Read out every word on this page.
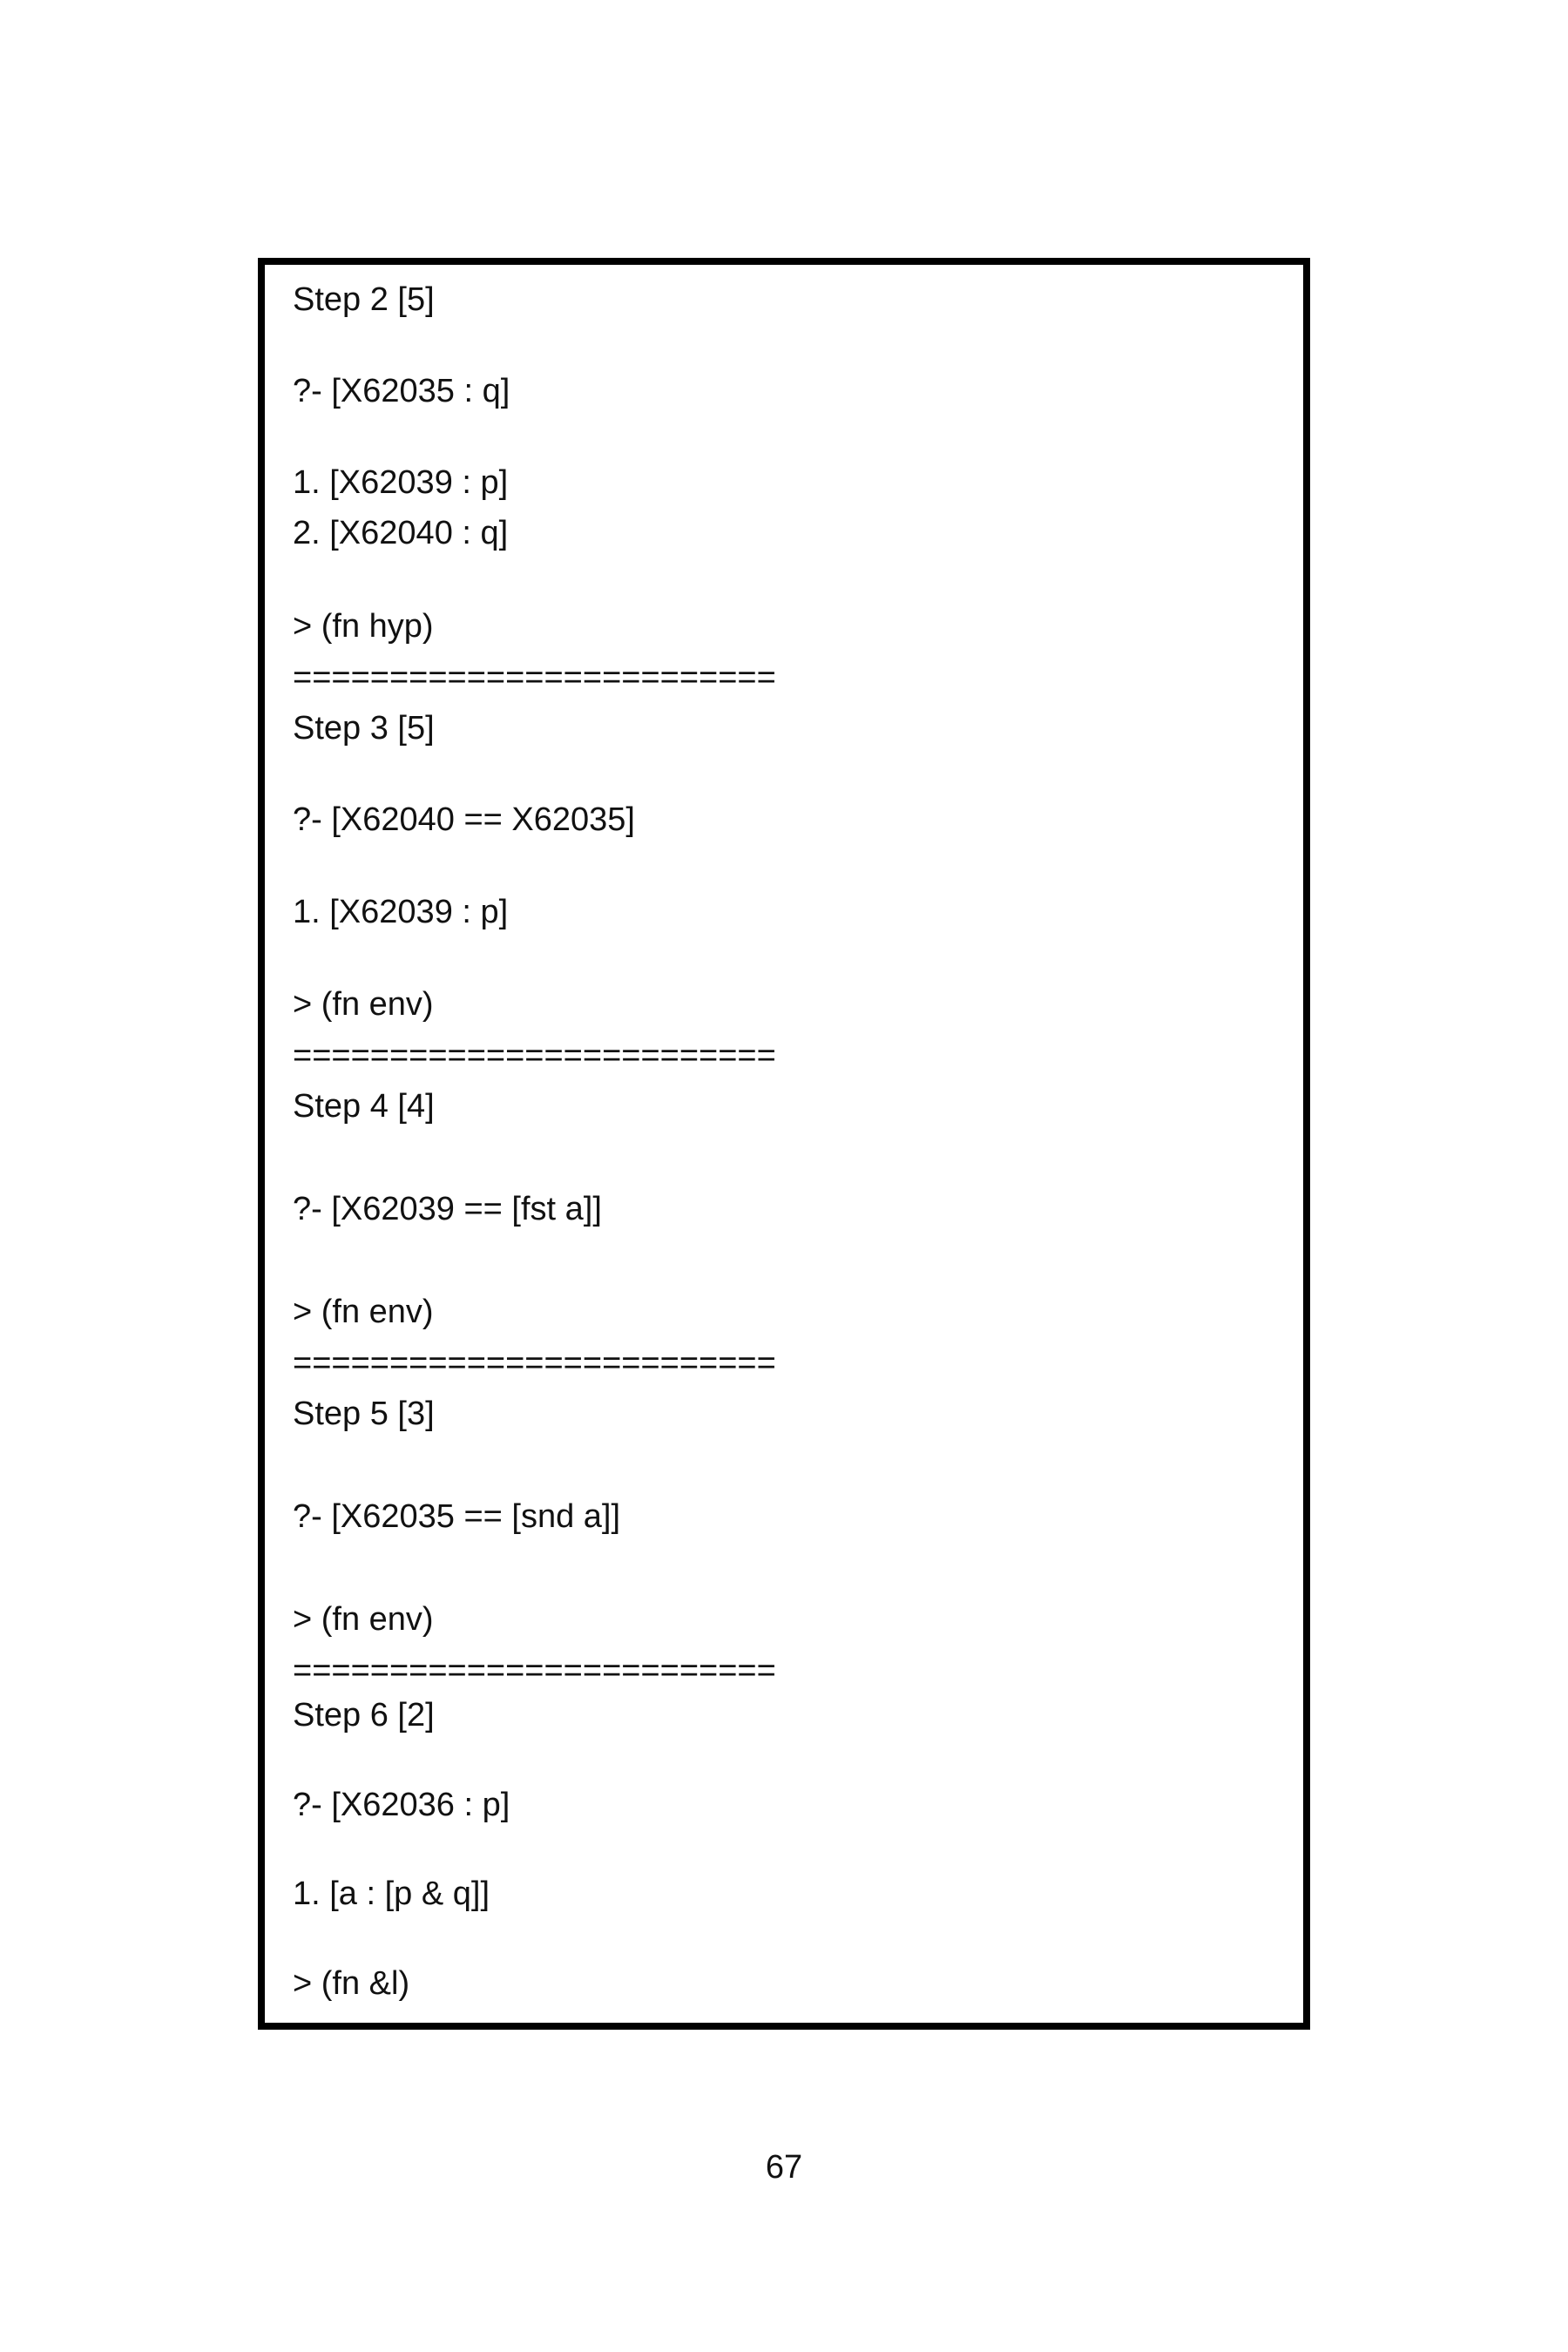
Step 2 [5]
?- [X62035 : q]
1. [X62039 : p]
2. [X62040 : q]
> (fn hyp)
=========================
Step 3 [5]
?- [X62040 == X62035]
1. [X62039 : p]
> (fn env)
=========================
Step 4 [4]
?- [X62039 == [fst a]]
> (fn env)
=========================
Step 5 [3]
?- [X62035 == [snd a]]
> (fn env)
=========================
Step 6 [2]
?- [X62036 : p]
1. [a : [p & q]]
> (fn &l)
67
